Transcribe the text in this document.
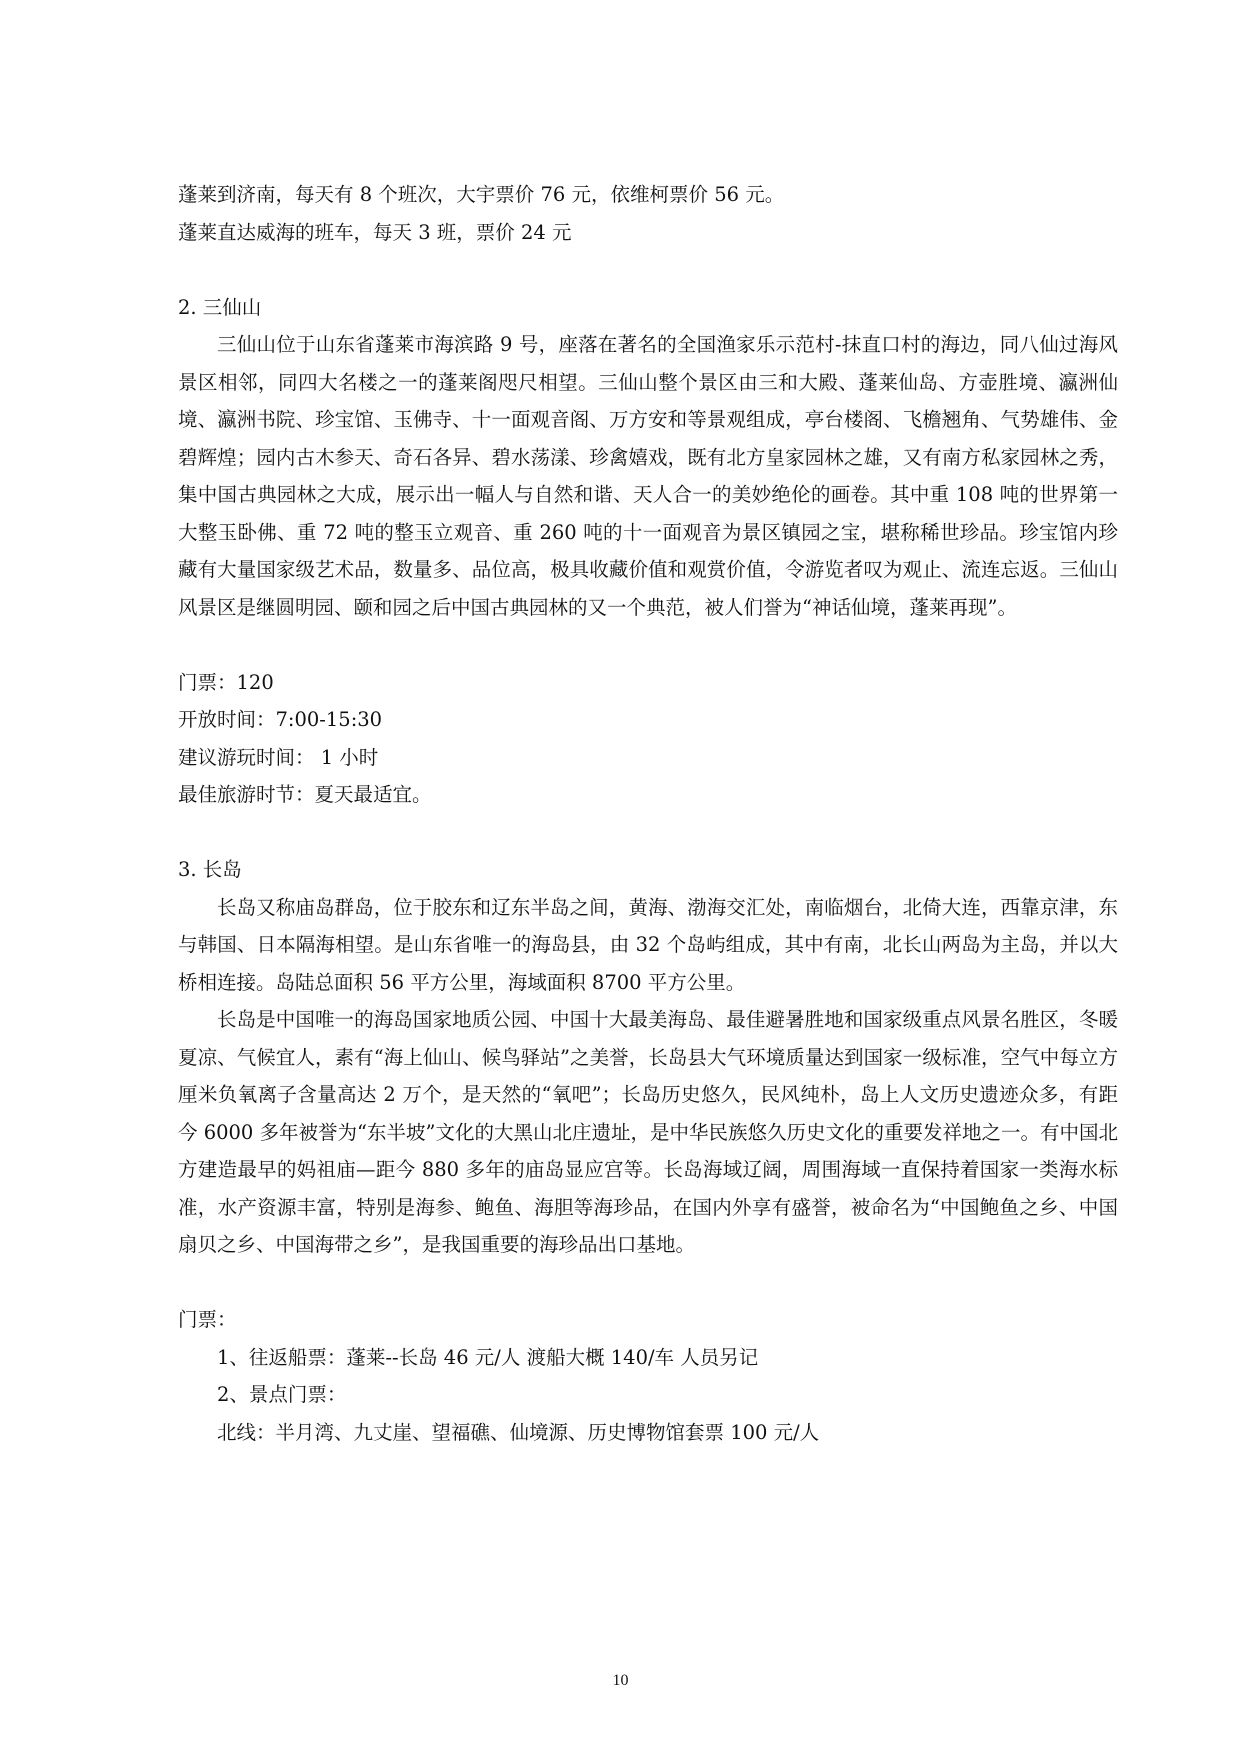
蓬莱到济南，每天有 8 个班次，大宇票价 76 元，依维柯票价 56 元。

蓬莱直达威海的班车，每天 3 班，票价 24 元

2. 三仙山

三仙山位于山东省蓬莱市海滨路 9 号，座落在著名的全国渔家乐示范村-抹直口村的海边，同八仙过海风景区相邻，同四大名楼之一的蓬莱阁咫尺相望。三仙山整个景区由三和大殿、蓬莱仙岛、方壶胜境、瀛洲仙境、瀛洲书院、珍宝馆、玉佛寺、十一面观音阁、万方安和等景观组成，亭台楼阁、飞檐翘角、气势雄伟、金碧辉煌；园内古木参天、奇石各异、碧水荡漾、珍禽嬉戏，既有北方皇家园林之雄，又有南方私家园林之秀，集中国古典园林之大成，展示出一幅人与自然和谐、天人合一的美妙绝伦的画卷。其中重 108 吨的世界第一大整玉卧佛、重 72 吨的整玉立观音、重 260 吨的十一面观音为景区镇园之宝，堪称稀世珍品。珍宝馆内珍藏有大量国家级艺术品，数量多、品位高，极具收藏价值和观赏价值，令游览者叹为观止、流连忘返。三仙山风景区是继圆明园、颐和园之后中国古典园林的又一个典范，被人们誉为“神话仙境，蓬莱再现”。

门票：120

开放时间：7:00-15:30

建议游玩时间： 1 小时

最佳旅游时节：夏天最适宜。

3. 长岛

长岛又称庙岛群岛，位于胶东和辽东半岛之间，黄海、渤海交汇处，南临烟台，北倚大连，西靠京津，东与韩国、日本隔海相望。是山东省唯一的海岛县，由 32 个岛屿组成，其中有南，北长山两岛为主岛，并以大桥相连接。岛陆总面积 56 平方公里，海域面积 8700 平方公里。

长岛是中国唯一的海岛国家地质公园、中国十大最美海岛、最佳避暑胜地和国家级重点风景名胜区，冬暖夏凉、气候宜人，素有“海上仙山、候鸟驿站”之美誉，长岛县大气环境质量达到国家一级标准，空气中每立方厘米负氧离子含量高达 2 万个，是天然的“氧吧”；长岛历史悠久，民风纯朴，岛上人文历史遗迹众多，有距今 6000 多年被誉为“东半坡”文化的大黑山北庄遗址，是中华民族悠久历史文化的重要发祥地之一。有中国北方建造最早的妈祖庙—距今 880 多年的庙岛显应宫等。长岛海域辽阔，周围海域一直保持着国家一类海水标准，水产资源丰富，特别是海参、鲍鱼、海胆等海珍品，在国内外享有盛誉，被命名为“中国鲍鱼之乡、中国扇贝之乡、中国海带之乡”，是我国重要的海珍品出口基地。

门票：

1、往返船票：蓬莱--长岛 46 元/人 渡船大概 140/车 人员另记

2、景点门票：

北线：半月湾、九丈崖、望福礁、仙境源、历史博物馆套票 100 元/人

10
